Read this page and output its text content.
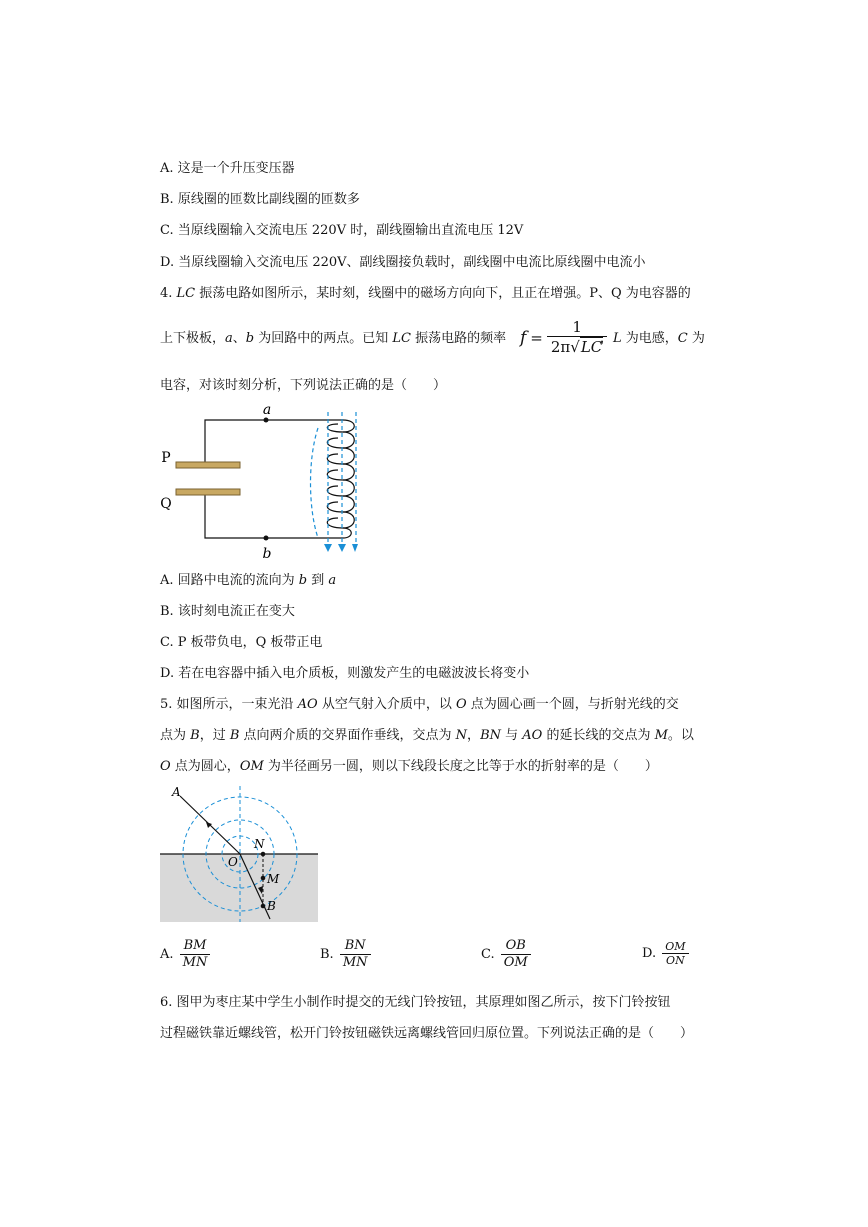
A. 这是一个升压变压器
B. 原线圈的匝数比副线圈的匝数多
C. 当原线圈输入交流电压 220V 时，副线圈输出直流电压 12V
D. 当原线圈输入交流电压 220V、副线圈接负载时，副线圈中电流比原线圈中电流小
4. LC 振荡电路如图所示，某时刻，线圈中的磁场方向向下，且正在增强。P、Q 为电容器的
上下极板，a、b 为回路中的两点。已知 LC 振荡电路的频率 $f = \frac{1}{2\pi√LC}$
，L 为电感，C 为
电容，对该时刻分析，下列说法正确的是（　　）
a
b
P
Q
A. 回路中电流的流向为 b 到 a
B. 该时刻电流正在变大
C. P 板带负电，Q 板带正电
D. 若在电容器中插入电介质板，则激发产生的电磁波波长将变小
5. 如图所示，一束光沿 AO 从空气射入介质中，以 O 点为圆心画一个圆，与折射光线的交
点为 B，过 B 点向两介质的交界面作垂线，交点为 N，BN 与 AO 的延长线的交点为 M。以
O 点为圆心，OM 为半径画另一圆，则以下线段长度之比等于水的折射率的是（　　）
A
O
N
M
B
A.
$\frac{BM}{MN}$	B.
$\frac{BN}{MN}$	C.
$\frac{OB}{OM}$	D.
$\frac{OM}{ON}$
6. 图甲为枣庄某中学生小制作时提交的无线门铃按钮，其原理如图乙所示，按下门铃按钮
过程磁铁靠近螺线管，松开门铃按钮磁铁远离螺线管回归原位置。下列说法正确的是（　　）
